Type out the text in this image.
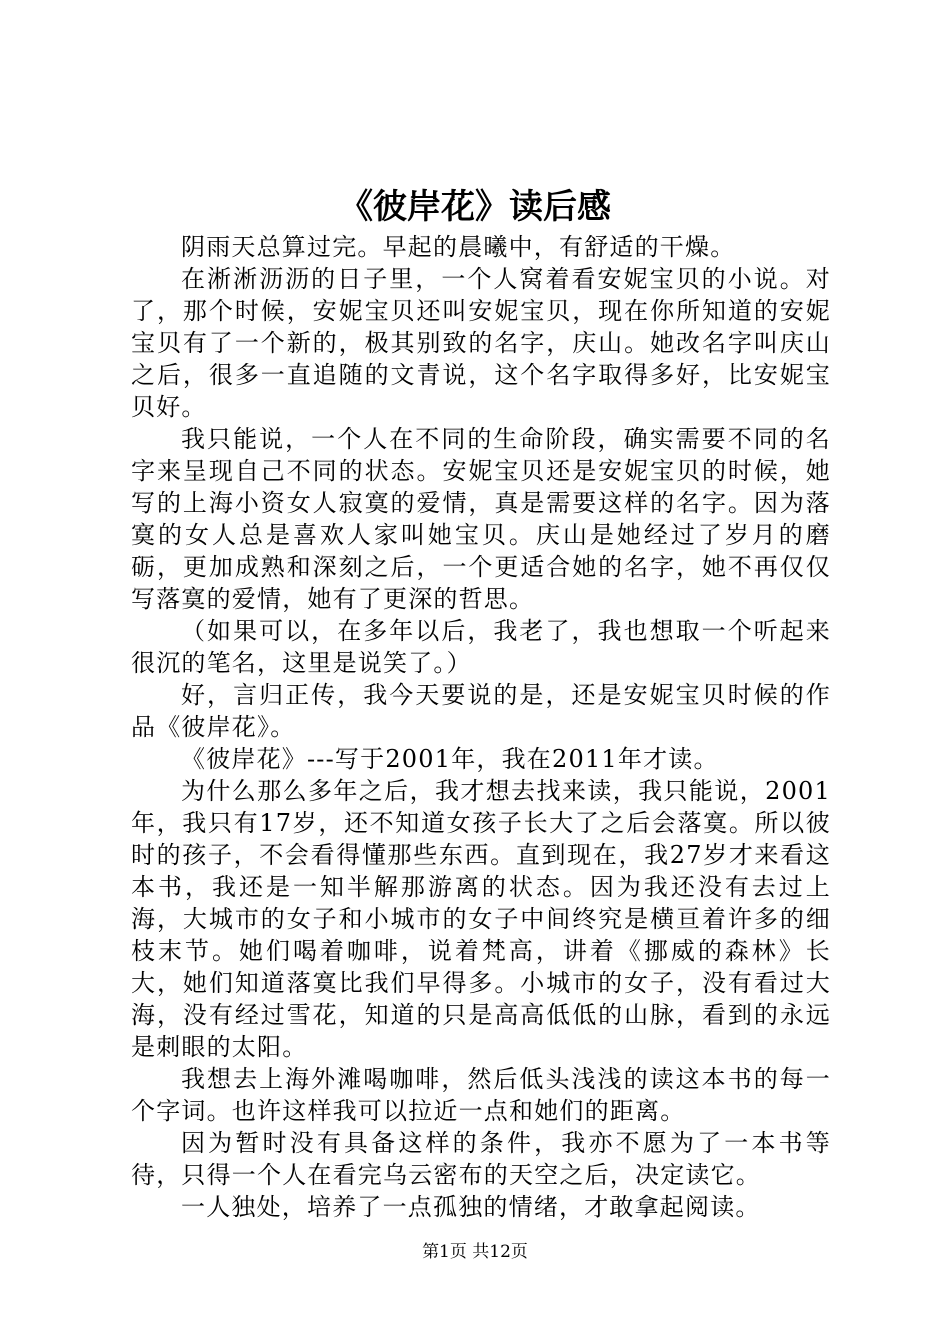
《彼岸花》读后感

阴雨天总算过完。早起的晨曦中，有舒适的干燥。

在淅淅沥沥的日子里，一个人窝着看安妮宝贝的小说。对了，那个时候，安妮宝贝还叫安妮宝贝，现在你所知道的安妮宝贝有了一个新的，极其别致的名字，庆山。她改名字叫庆山之后，很多一直追随的文青说，这个名字取得多好，比安妮宝贝好。

我只能说，一个人在不同的生命阶段，确实需要不同的名字来呈现自己不同的状态。安妮宝贝还是安妮宝贝的时候，她写的上海小资女人寂寞的爱情，真是需要这样的名字。因为落寞的女人总是喜欢人家叫她宝贝。庆山是她经过了岁月的磨砺，更加成熟和深刻之后，一个更适合她的名字，她不再仅仅写落寞的爱情，她有了更深的哲思。

（如果可以，在多年以后，我老了，我也想取一个听起来很沉的笔名，这里是说笑了。）

好，言归正传，我今天要说的是，还是安妮宝贝时候的作品《彼岸花》。

《彼岸花》---写于2001年，我在2011年才读。

为什么那么多年之后，我才想去找来读，我只能说，2001年，我只有17岁，还不知道女孩子长大了之后会落寞。所以彼时的孩子，不会看得懂那些东西。直到现在，我27岁才来看这本书，我还是一知半解那游离的状态。因为我还没有去过上海，大城市的女子和小城市的女子中间终究是横亘着许多的细枝末节。她们喝着咖啡，说着梵高，讲着《挪威的森林》长大，她们知道落寞比我们早得多。小城市的女子，没有看过大海，没有经过雪花，知道的只是高高低低的山脉，看到的永远是刺眼的太阳。

我想去上海外滩喝咖啡，然后低头浅浅的读这本书的每一个字词。也许这样我可以拉近一点和她们的距离。

因为暂时没有具备这样的条件，我亦不愿为了一本书等待，只得一个人在看完乌云密布的天空之后，决定读它。

一人独处，培养了一点孤独的情绪，才敢拿起阅读。

第1页 共12页
